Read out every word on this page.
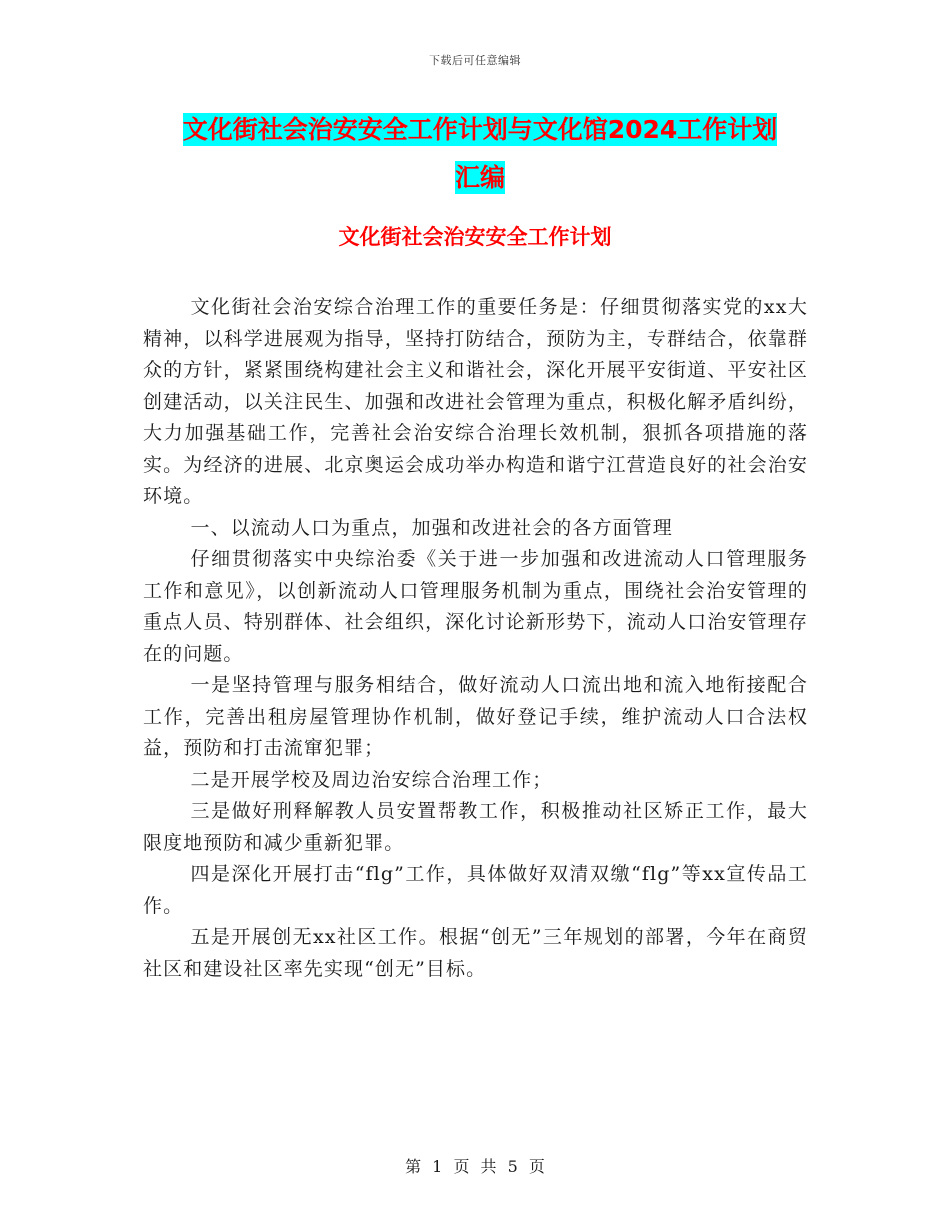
下载后可任意编辑
文化街社会治安安全工作计划与文化馆2024工作计划
汇编
文化街社会治安安全工作计划

文化街社会治安综合治理工作的重要任务是：仔细贯彻落实党的xx大精神，以科学进展观为指导，坚持打防结合，预防为主，专群结合，依靠群众的方针，紧紧围绕构建社会主义和谐社会，深化开展平安街道、平安社区创建活动，以关注民生、加强和改进社会管理为重点，积极化解矛盾纠纷，大力加强基础工作，完善社会治安综合治理长效机制，狠抓各项措施的落实。为经济的进展、北京奥运会成功举办构造和谐宁江营造良好的社会治安环境。

一、以流动人口为重点，加强和改进社会的各方面管理

仔细贯彻落实中央综治委《关于进一步加强和改进流动人口管理服务工作和意见》，以创新流动人口管理服务机制为重点，围绕社会治安管理的重点人员、特别群体、社会组织，深化讨论新形势下，流动人口治安管理存在的问题。

一是坚持管理与服务相结合，做好流动人口流出地和流入地衔接配合工作，完善出租房屋管理协作机制，做好登记手续，维护流动人口合法权益，预防和打击流窜犯罪；

二是开展学校及周边治安综合治理工作；

三是做好刑释解教人员安置帮教工作，积极推动社区矫正工作，最大限度地预防和减少重新犯罪。

四是深化开展打击“flg”工作，具体做好双清双缴“flg”等xx宣传品工作。

五是开展创无xx社区工作。根据“创无”三年规划的部署，今年在商贸社区和建设社区率先实现“创无”目标。

第 1 页 共 5 页
